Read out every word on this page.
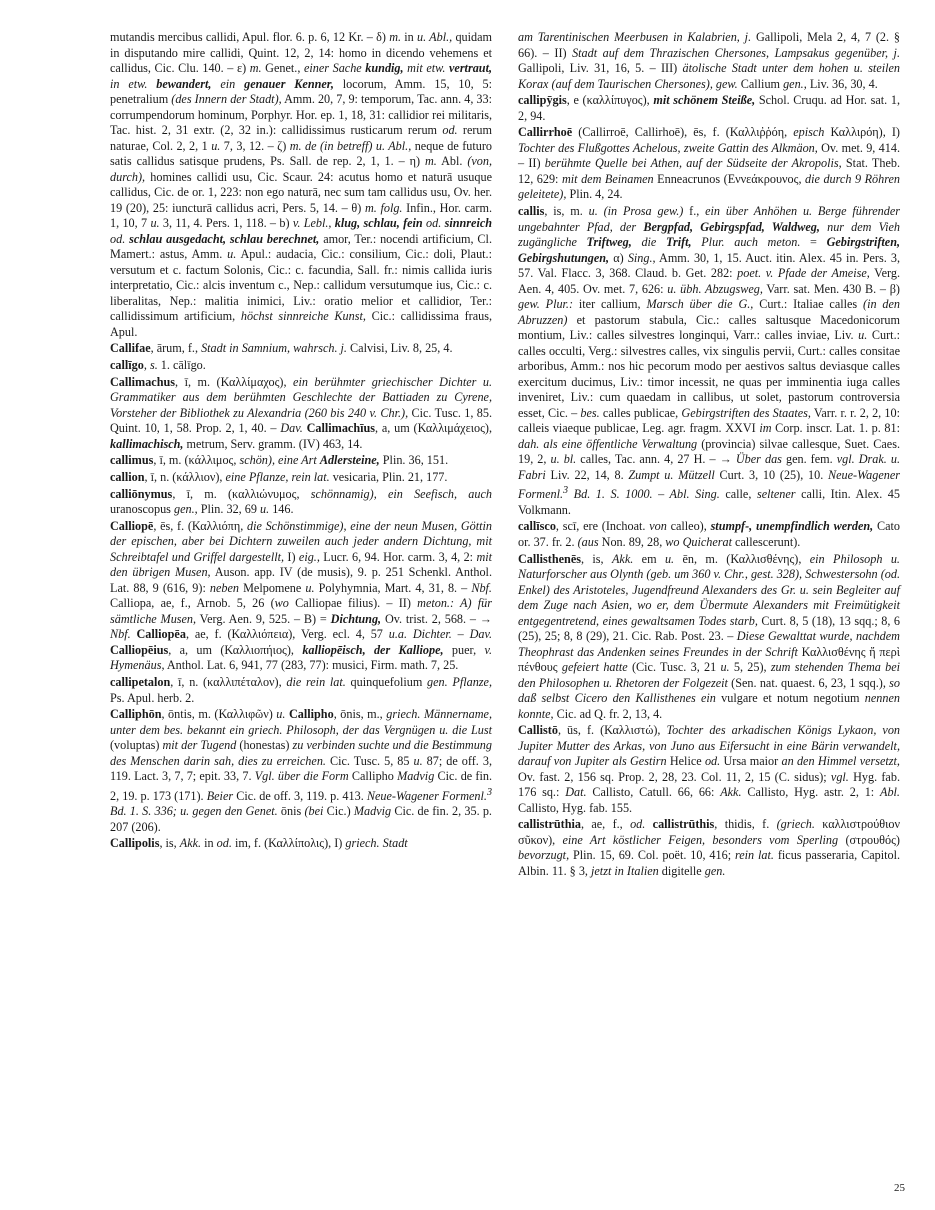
mutandis mercibus callidi, Apul. flor. 6. p. 6, 12 Kr. – δ) m. in u. Abl., quidam in disputando mire callidi, Quint. 12, 2, 14: homo in dicendo vehemens et callidus, Cic. Clu. 140. – ε) m. Genet., einer Sache kundig, mit etw. vertraut, in etw. bewandert, ein genauer Kenner, locorum, Amm. 15, 10, 5: penetralium (des Innern der Stadt), Amm. 20, 7, 9: temporum, Tac. ann. 4, 33: corrumpendorum hominum, Porphyr. Hor. ep. 1, 18, 31: callidior rei militaris, Tac. hist. 2, 31 extr. (2, 32 in.): callidissimus rusticarum rerum od. rerum naturae, Col. 2, 2, 1 u. 7, 3, 12. – ζ) m. de (in betreff) u. Abl., neque de futuro satis callidus satisque prudens, Ps. Sall. de rep. 2, 1, 1. – η) m. Abl. (von, durch), homines callidi usu, Cic. Scaur. 24: acutus homo et naturā usuque callidus, Cic. de or. 1, 223: non ego naturā, nec sum tam callidus usu, Ov. her. 19 (20), 25: iuncturā callidus acri, Pers. 5, 14. – θ) m. folg. Infin., Hor. carm. 1, 10, 7 u. 3, 11, 4. Pers. 1, 118. – b) v. Lebl., klug, schlau, fein od. sinnreich od. schlau ausgedacht, schlau berechnet, amor, Ter.: nocendi artificium, Cl. Mamert.: astus, Amm. u. Apul.: audacia, Cic.: consilium, Cic.: doli, Plaut.: versutum et c. factum Solonis, Cic.: c. facundia, Sall. fr.: nimis callida iuris interpretatio, Cic.: alcis inventum c., Nep.: callidum versutumque ius, Cic.: c. liberalitas, Nep.: malitia inimici, Liv.: oratio melior et callidior, Ter.: callidissimum artificium, höchst sinnreiche Kunst, Cic.: callidissima fraus, Apul.

Callifae, ārum, f., Stadt in Samnium, wahrsch. j. Calvisi, Liv. 8, 25, 4.

callīgo, s. 1. cālīgo.

Callimachus, ī, m. (Καλλίμαχος), ein berühmter griechischer Dichter u. Grammatiker aus dem berühmten Geschlechte der Battiaden zu Cyrene, Vorsteher der Bibliothek zu Alexandria (260 bis 240 v. Chr.), Cic. Tusc. 1, 85. Quint. 10, 1, 58. Prop. 2, 1, 40. – Dav. Callimachīus, a, um (Καλλιμάχειος), kallimachisch, metrum, Serv. gramm. (IV) 463, 14.

callimus, ī, m. (κάλλιμος, schön), eine Art Adlersteine, Plin. 36, 151.

callion, ī, n. (κάλλιον), eine Pflanze, rein lat. vesicaria, Plin. 21, 177.

calliōnymus, ī, m. (καλλιώνυμος, schönnamig), ein Seefisch, auch uranoscopus gen., Plin. 32, 69 u. 146.

Calliopē, ēs, f. (Καλλιόπη, die Schönstimmige), eine der neun Musen, Göttin der epischen, aber bei Dichtern zuweilen auch jeder andern Dichtung, mit Schreibtafel und Griffel dargestellt, I) eig., Lucr. 6, 94. Hor. carm. 3, 4, 2: mit den übrigen Musen, Auson. app. IV (de musis), 9. p. 251 Schenkl. Anthol. Lat. 88, 9 (616, 9): neben Melpomene u. Polyhymnia, Mart. 4, 31, 8. – Nbf. Calliopa, ae, f., Arnob. 5, 26 (wo Calliopae filius). – II) meton.: A) für sämtliche Musen, Verg. Aen. 9, 525. – B) = Dichtung, Ov. trist. 2, 568. – → Nbf. Calliopēa, ae, f. (Καλλιόπεια), Verg. ecl. 4, 57 u.a. Dichter. – Dav. Calliopēius, a, um (Καλλιοπήιος), kalliopēisch, der Kalliope, puer, v. Hymenäus, Anthol. Lat. 6, 941, 77 (283, 77): musici, Firm. math. 7, 25.

callipetalon, ī, n. (καλλιπέταλον), die rein lat. quinquefolium gen. Pflanze, Ps. Apul. herb. 2.

Calliphōn, ōntis, m. (Καλλιφῶν) u. Callipho, ōnis, m., griech. Männername, unter dem bes. bekannt ein griech. Philosoph, der das Vergnügen u. die Lust (voluptas) mit der Tugend (honestas) zu verbinden suchte und die Bestimmung des Menschen darin sah, dies zu erreichen. Cic. Tusc. 5, 85 u. 87; de off. 3, 119. Lact. 3, 7, 7; epit. 33, 7. Vgl. über die Form Callipho Madvig Cic. de fin. 2, 19. p. 173 (171). Beier Cic. de off. 3, 119. p. 413. Neue-Wagener Formenl.$^3$ Bd. 1. S. 336; u. gegen den Genet. ōnis (bei Cic.) Madvig Cic. de fin. 2, 35. p. 207 (206).

Callipolis, is, Akk. in od. im, f. (Καλλίπολις), I) griech. Stadt

am Tarentinischen Meerbusen in Kalabrien, j. Gallipoli, Mela 2, 4, 7 (2. § 66). – II) Stadt auf dem Thrazischen Chersones, Lampsakus gegenüber, j. Gallipoli, Liv. 31, 16, 5. – III) ätolische Stadt unter dem hohen u. steilen Korax (auf dem Taurischen Chersones), gew. Callium gen., Liv. 36, 30, 4.

callipȳgis, e (καλλίπυγος), mit schönem Steiße, Schol. Cruqu. ad Hor. sat. 1, 2, 94.

Callirrhoē (Callirroē, Callirhoē), ēs, f. (Καλλιῤῥόη, episch Καλλιρόη), I) Tochter des Flußgottes Achelous, zweite Gattin des Alkmäon, Ov. met. 9, 414. – II) berühmte Quelle bei Athen, auf der Südseite der Akropolis, Stat. Theb. 12, 629: mit dem Beinamen Enneacrunos (Εννεάκρουνος, die durch 9 Röhren geleitete), Plin. 4, 24.

callis, is, m. u. (in Prosa gew.) f., ein über Anhöhen u. Berge führender ungebahnter Pfad, der Bergpfad, Gebirgspfad, Waldweg, nur dem Vieh zugängliche Triftweg, die Trift, Plur. auch meton. = Gebirgstriften, Gebirgshutungen, α) Sing., Amm. 30, 1, 15. Auct. itin. Alex. 45 in. Pers. 3, 57. Val. Flacc. 3, 368. Claud. b. Get. 282: poet. v. Pfade der Ameise, Verg. Aen. 4, 405. Ov. met. 7, 626: u. übh. Abzugsweg, Varr. sat. Men. 430 B. – β) gew. Plur.: iter callium, Marsch über die G., Curt.: Italiae calles (in den Abruzzen) et pastorum stabula, Cic.: calles saltusque Macedonicorum montium, Liv.: calles silvestres longinqui, Varr.: calles inviae, Liv. u. Curt.: calles occulti, Verg.: silvestres calles, vix singulis pervii, Curt.: calles consitae arboribus, Amm.: nos hic pecorum modo per aestivos saltus deviasque calles exercitum ducimus, Liv.: timor incessit, ne quas per imminentia iuga calles inveniret, Liv.: cum quaedam in callibus, ut solet, pastorum controversia esset, Cic. – bes. calles publicae, Gebirgstriften des Staates, Varr. r. r. 2, 2, 10: calleis viaeque publicae, Leg. agr. fragm. XXVI im Corp. inscr. Lat. 1. p. 81: dah. als eine öffentliche Verwaltung (provincia) silvae callesque, Suet. Caes. 19, 2, u. bl. calles, Tac. ann. 4, 27 H. – → Über das gen. fem. vgl. Drak. u. Fabri Liv. 22, 14, 8. Zumpt u. Mützell Curt. 3, 10 (25), 10. Neue-Wagener Formenl.$^3$ Bd. 1. S. 1000. – Abl. Sing. calle, seltener calli, Itin. Alex. 45 Volkmann.

callīsco, scī, ere (Inchoat. von calleo), stumpf-, unempfindlich werden, Cato or. 37. fr. 2. (aus Non. 89, 28, wo Quicherat callescerunt).

Callisthenēs, is, Akk. em u. ēn, m. (Καλλισθένης), ein Philosoph u. Naturforscher aus Olynth (geb. um 360 v. Chr., gest. 328), Schwestersohn (od. Enkel) des Aristoteles, Jugendfreund Alexanders des Gr. u. sein Begleiter auf dem Zuge nach Asien, wo er, dem Übermute Alexanders mit Freimütigkeit entgegentretend, eines gewaltsamen Todes starb, Curt. 8, 5 (18), 13 sqq.; 8, 6 (25), 25; 8, 8 (29), 21. Cic. Rab. Post. 23. – Diese Gewalttat wurde, nachdem Theophrast das Andenken seines Freundes in der Schrift Καλλισθένης ἤ περὶ πένθους gefeiert hatte (Cic. Tusc. 3, 21 u. 5, 25), zum stehenden Thema bei den Philosophen u. Rhetoren der Folgezeit (Sen. nat. quaest. 6, 23, 1 sqq.), so daß selbst Cicero den Kallisthenes ein vulgare et notum negotium nennen konnte, Cic. ad Q. fr. 2, 13, 4.

Callistō, ūs, f. (Καλλιστώ), Tochter des arkadischen Königs Lykaon, von Jupiter Mutter des Arkas, von Juno aus Eifersucht in eine Bärin verwandelt, darauf von Jupiter als Gestirn Helice od. Ursa maior an den Himmel versetzt, Ov. fast. 2, 156 sq. Prop. 2, 28, 23. Col. 11, 2, 15 (C. sidus); vgl. Hyg. fab. 176 sq.: Dat. Callisto, Catull. 66, 66: Akk. Callisto, Hyg. astr. 2, 1: Abl. Callisto, Hyg. fab. 155.

callistrūthia, ae, f., od. callistrūthis, thidis, f. (griech. καλλιστρούθιον σῦκον), eine Art köstlicher Feigen, besonders vom Sperling (στρουθός) bevorzugt, Plin. 15, 69. Col. poët. 10, 416; rein lat. ficus passeraria, Capitol. Albin. 11. § 3, jetzt in Italien digitelle gen.

25
